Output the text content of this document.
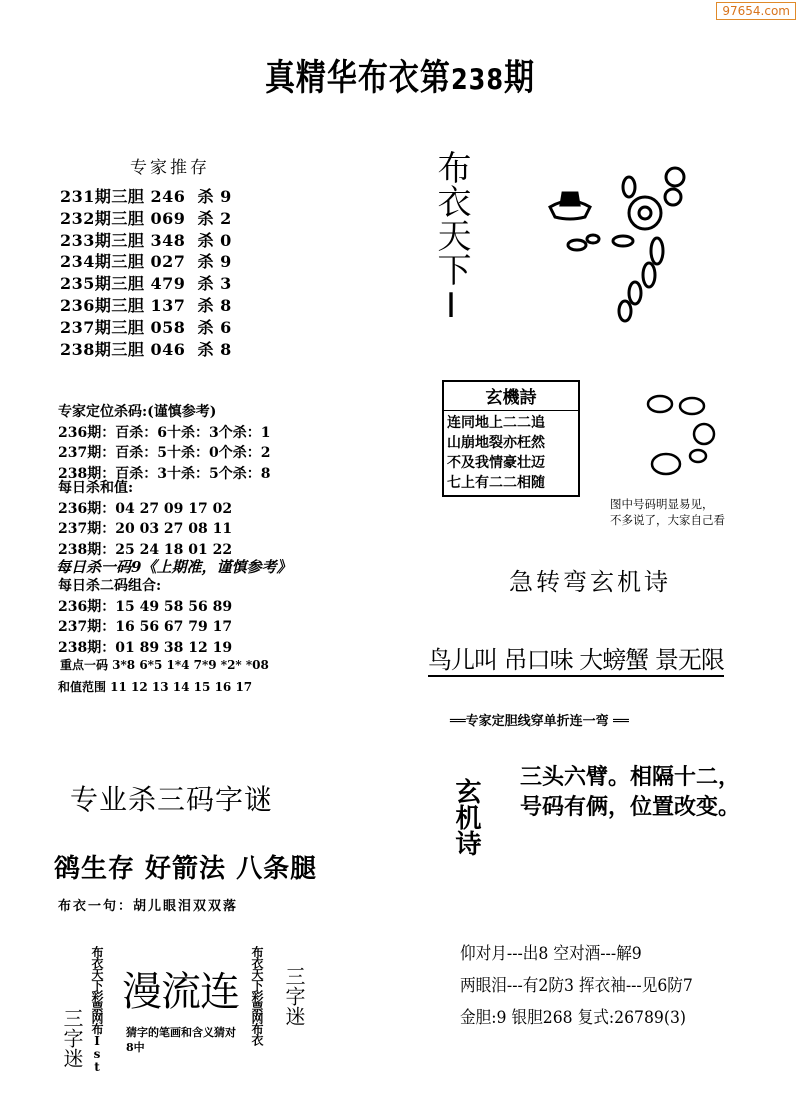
97654.com
真精华布衣第238期
专家推存
231期三胆 246  杀 9
232期三胆 069  杀 2
233期三胆 348  杀 0
234期三胆 027  杀 9
235期三胆 479  杀 3
236期三胆 137  杀 8
237期三胆 058  杀 6
238期三胆 046  杀 8
专家定位杀码:(谨慎参考)
236期：百杀：6十杀：3个杀：1
237期：百杀：5十杀：0个杀：2
238期：百杀：3十杀：5个杀：8
每日杀和值:
236期：04 27 09 17 02
237期：20 03 27 08 11
238期：25 24 18 01 22
每日杀一码9《上期准，谨慎参考》
每日杀二码组合:
236期：15 49 58 56 89
237期：16 56 67 79 17
238期：01 89 38 12 19
重点一码 3*8 6*5 1*4 7*9 *2* *08
和值范围 11 12 13 14 15 16 17
专业杀三码字谜
鹆生存 好箭法 八条腿
布衣一句：胡儿眼泪双双落
三字迷 布衣天下彩票网布Ist 漫流连
猜字的笔画和含义猜对8中
布衣天下彩票网布衣 三字迷
布衣天下I
玄機詩
连同地上二二追
山崩地裂亦枉然
不及我情豪壮迈
七上有二二相随
图中号码明显易见，
不多说了，大家自己看
急转弯玄机诗
鸟儿叫 吊口味 大螃蟹 景无限
══专家定胆线穿单折连一弯 ══
玄机诗
三头六臂。相隔十二，
号码有俩，位置改变。
仰对月---出8 空对酒---解9
两眼泪---有2防3 挥衣袖---见6防7
金胆:9 银胆268 复式:26789(3)
